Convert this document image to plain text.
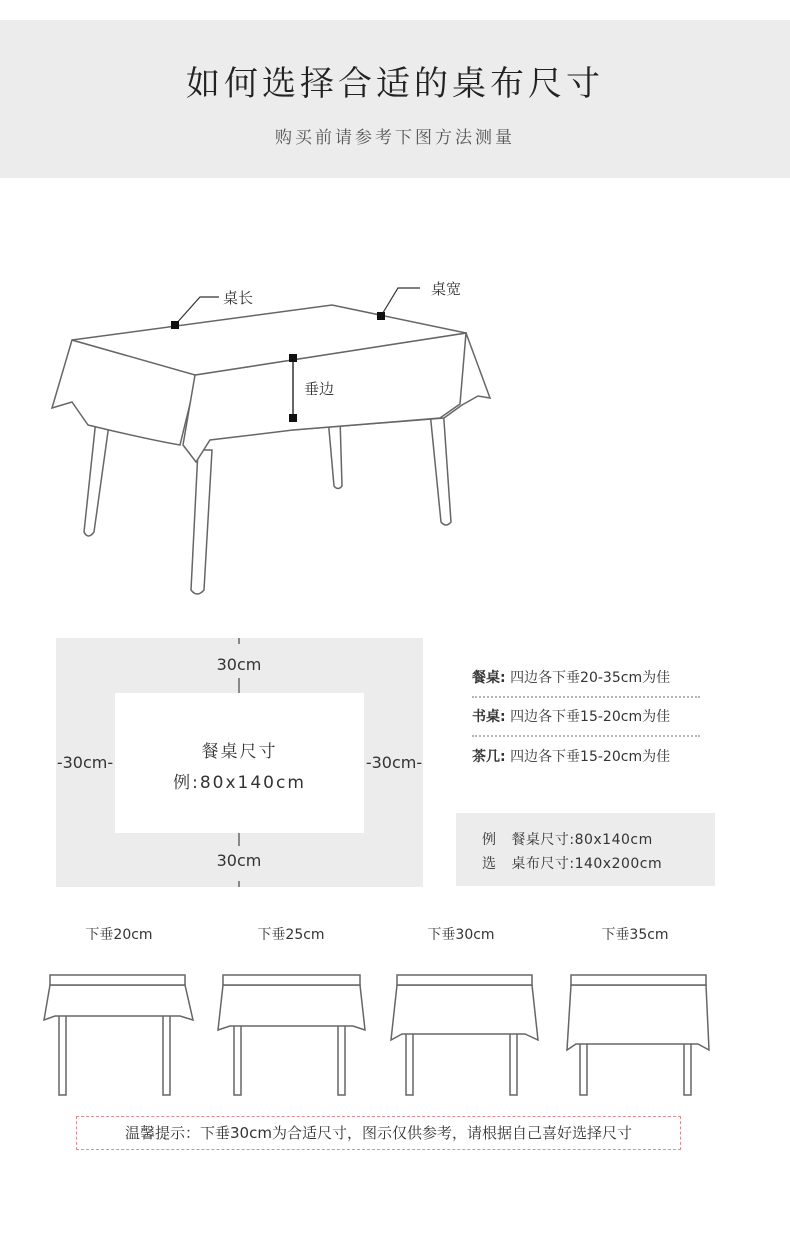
如何选择合适的桌布尺寸
购买前请参考下图方法测量
桌长	桌宽
垂边
30cm
30cm
-30cm-	-30cm-
餐桌尺寸
例:80x140cm
餐桌: 四边各下垂20-35cm为佳
书桌: 四边各下垂15-20cm为佳
茶几: 四边各下垂15-20cm为佳
例 餐桌尺寸:80x140cm
选 桌布尺寸:140x200cm
下垂20cm	下垂25cm	下垂30cm	下垂35cm
温馨提示：下垂30cm为合适尺寸，图示仅供参考，请根据自己喜好选择尺寸
